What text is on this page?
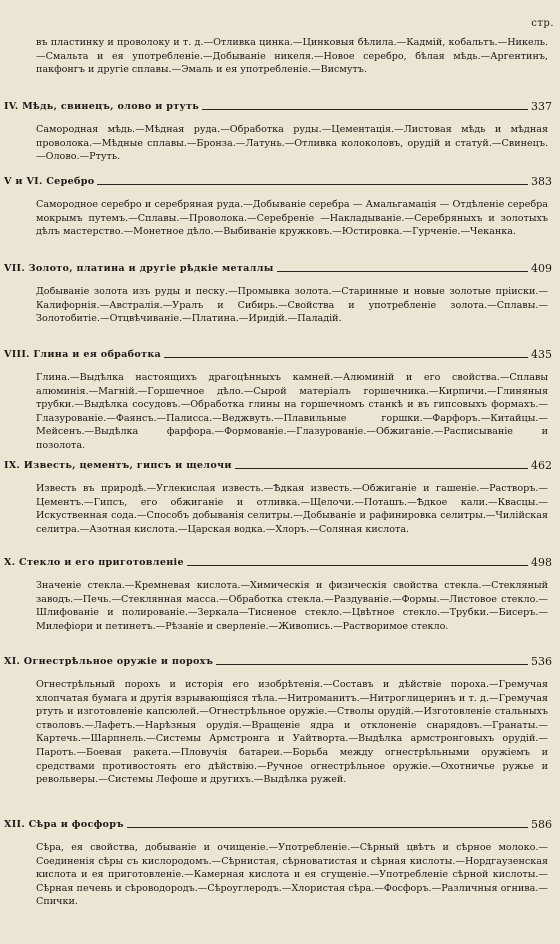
стр.

въ пластинку и проволоку и т. д.—Отливка цинка.—Цинковыя бѣлила.—Кадмій, кобальтъ.—Никель.—Смальта и ея употребленіе.—Добываніе никеля.—Новое серебро, бѣлая мѣдь.—Аргентинъ, пакфонгъ и другіе сплавы.—Эмаль и ея употребленіе.—Висмутъ.

IV. Мѣдь, свинецъ, олово и ртуть	337

Самородная мѣдь.—Мѣдная руда.—Обработка руды.—Цементація.—Листовая мѣдь и мѣдная проволока.—Мѣдные сплавы.—Бронза.—Латунь.—Отливка колоколовъ, орудій и статуй.—Свинецъ.—Олово.—Ртуть.

V и VI. Серебро	383

Самородное серебро и серебряная руда.—Добываніе серебра — Амальгамація — Отдѣленіе серебра мокрымъ путемъ.—Сплавы.—Проволока.—Серебреніе —Накладываніе.—Серебряныхъ и золотыхъ дѣлъ мастерство.—Монетное дѣло.—Выбиваніе кружковъ.—Юстировка.—Гурченіе.—Чеканка.

VII. Золото, платина и другіе рѣдкіе металлы	409

Добываніе золота изъ руды и песку.—Промывка золота.—Старинные и новые золотые пріиски.—Калифорнія.—Австралія.—Уралъ и Сибирь.—Свойства и употребленіе золота.—Сплавы.—Золотобитіе.—Отцвѣчиваніе.—Платина.—Иридій.—Паладій.

VIII. Глина и ея обработка	435

Глина.—Выдѣлка настоящихъ драгоцѣнныхъ камней.—Алюминій и его свойства.—Сплавы алюминія.—Магній.—Горшечное дѣло.—Сырой матеріалъ горшечника.—Кирпичи.—Глиняныя трубки.—Выдѣлка сосудовъ.—Обработка глины на горшечномъ станкѣ и въ гипсовыхъ формахъ.—Глазурованіе.—Фаянсъ.—Палисса.—Веджвуть.—Плавильные горшки.—Фарфоръ.—Китайцы.—Мейсенъ.—Выдѣлка фарфора.—Формованіе.—Глазурованіе.—Обжиганіе.—Расписываніе и позолота.

IX. Известь, цементъ, гипсъ и щелочи	462

Известь въ природѣ.—Углекислая известь.—Ѣдкая известь.—Обжиганіе и гашеніе.—Растворъ.—Цементъ.—Гипсъ, его обжиганіе и отливка.—Щелочи.—Поташъ.—Ѣдкое кали.—Квасцы.—Искуственная сода.—Способъ добыванія селитры.—Добываніе и рафинировка селитры.—Чилійская селитра.—Азотная кислота.—Царская водка.—Хлоръ.—Соляная кислота.

X. Стекло и его приготовленіе	498

Значеніе стекла.—Кремневая кислота.—Химическія и физическія свойства стекла.—Стекляный заводъ.—Печь.—Стеклянная масса.—Обработка стекла.—Раздуваніе.—Формы.—Листовое стекло.—Шлифованіе и полированіе.—Зеркала—Тисненое стекло.—Цвѣтное стекло.—Трубки.—Бисеръ.—Милефіори и петинетъ.—Рѣзаніе и сверленіе.—Живопись.—Растворимое стекло.

XI. Огнестрѣльное оружіе и порохъ	536

Огнестрѣльный порохъ и исторія его изобрѣтенія.—Составъ и дѣйствіе пороха.—Гремучая хлопчатая бумага и другія взрывающіяся тѣла.—Нитроманитъ.—Нитроглицеринъ и т. д.—Гремучая ртуть и изготовленіе капсюлей.—Огнестрѣльное оружіе.—Стволы орудій.—Изготовленіе стальныхъ стволовъ.—Лафетъ.—Нарѣзныя орудія.—Вращеніе ядра и отклоненіе снарядовъ.—Гранаты.—Картечь.—Шарпнель.—Системы Армстронга и Уайтворта.—Выдѣлка армстронговыхъ орудій.—Паротъ.—Боевая ракета.—Пловучія батареи.—Борьба между огнестрѣльными оружіемъ и средствами противостоять его дѣйствію.—Ручное огнестрѣльное оружіе.—Охотничье ружье и револьверы.—Системы Лефоше и другихъ.—Выдѣлка ружей.

XII. Сѣра и фосфоръ	586

Сѣра, ея свойства, добываніе и очищеніе.—Употребленіе.—Сѣрный цвѣтъ и сѣрное молоко.—Соединенія сѣры съ кислородомъ.—Сѣрнистая, сѣрноватистая и сѣрная кислоты.—Нордгаузенская кислота и ея приготовленіе.—Камерная кислота и ея сгущеніе.—Употребленіе сѣрной кислоты.—Сѣрная печень и сѣроводородъ.—Сѣроуглеродъ.—Хлористая сѣра.—Фосфоръ.—Различныя огнива.—Спички.
